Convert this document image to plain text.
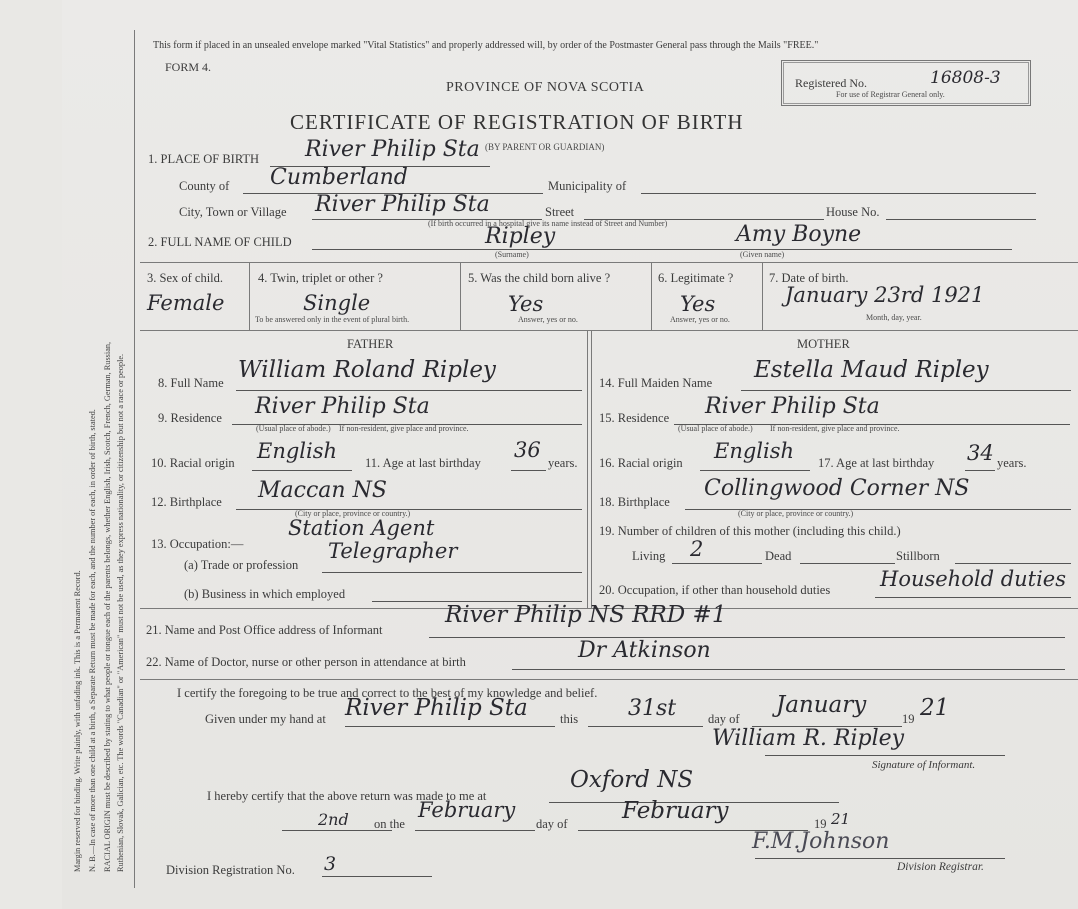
Margin reserved for binding. Write plainly, with unfading ink. This is a Permanent Record. N. B.—In case of more than one child at a birth, a Separate Return must be made for each, and the number of each, in order of birth, stated. RACIAL ORIGIN must be described by stating to what people or tongue each of the parents belongs, whether English, Irish, Scotch, French, German, Russian, Ruthenian, Slovak, Galician, etc. The words "Canadian" or "American" must not be used, as they express nationality, or citizenship but not a race or people.
This form if placed in an unsealed envelope marked "Vital Statistics" and properly addressed will, by order of the Postmaster General pass through the Mails "FREE."
FORM 4.
PROVINCE OF NOVA SCOTIA
CERTIFICATE OF REGISTRATION OF BIRTH
(BY PARENT OR GUARDIAN)
Registered No.
For use of Registrar General only.
16808-3
1. PLACE OF BIRTH River Philip Sta
County of Cumberland	Municipality of
City, Town or Village River Philip Sta	Street	House No.
(If birth occurred in a hospital give its name instead of Street and Number)
2. FULL NAME OF CHILD	Ripley	Amy Boyne
(Surname)	(Given name)
3. Sex of child.
Female
4. Twin, triplet or other ?
Single
To be answered only in the event of plural birth.
5. Was the child born alive ?
Yes
Answer, yes or no.
6. Legitimate ?
Yes
Answer, yes or no.
7. Date of birth.
January 23rd 1921
Month, day, year.
FATHER	MOTHER
8. Full Name William Roland Ripley
9. Residence River Philip Sta
(Usual place of abode.) If non-resident, give place and province.
10. Racial origin English 11. Age at last birthday
36
years.
12. Birthplace Maccan NS
(City or place, province or country.)
13. Occupation:—
Station Agent
(a) Trade or profession
Telegrapher
(b) Business in which employed
14. Full Maiden Name Estella Maud Ripley
15. Residence River Philip Sta
(Usual place of abode.) If non-resident, give place and province.
16. Racial origin English 17. Age at last birthday 34 years.
18. Birthplace
Collingwood Corner NS
(City or place, province or country.)
19. Number of children of this mother (including this child.)
Living 2	Dead	Stillborn
20. Occupation, if other than household duties Household duties
21. Name and Post Office address of Informant
River Philip NS RRD #1
22. Name of Doctor, nurse or other person in attendance at birth	Dr Atkinson
I certify the foregoing to be true and correct to the best of my knowledge and belief.
Given under my hand at River Philip Sta	this 31st	day of
January
19 21
William R. Ripley
Signature of Informant.
I hereby certify that the above return was made to me at
Oxford NS
2nd on the
February
day of February	19 21
F.M.Johnson
Division Registrar.
Division Registration No. 3
